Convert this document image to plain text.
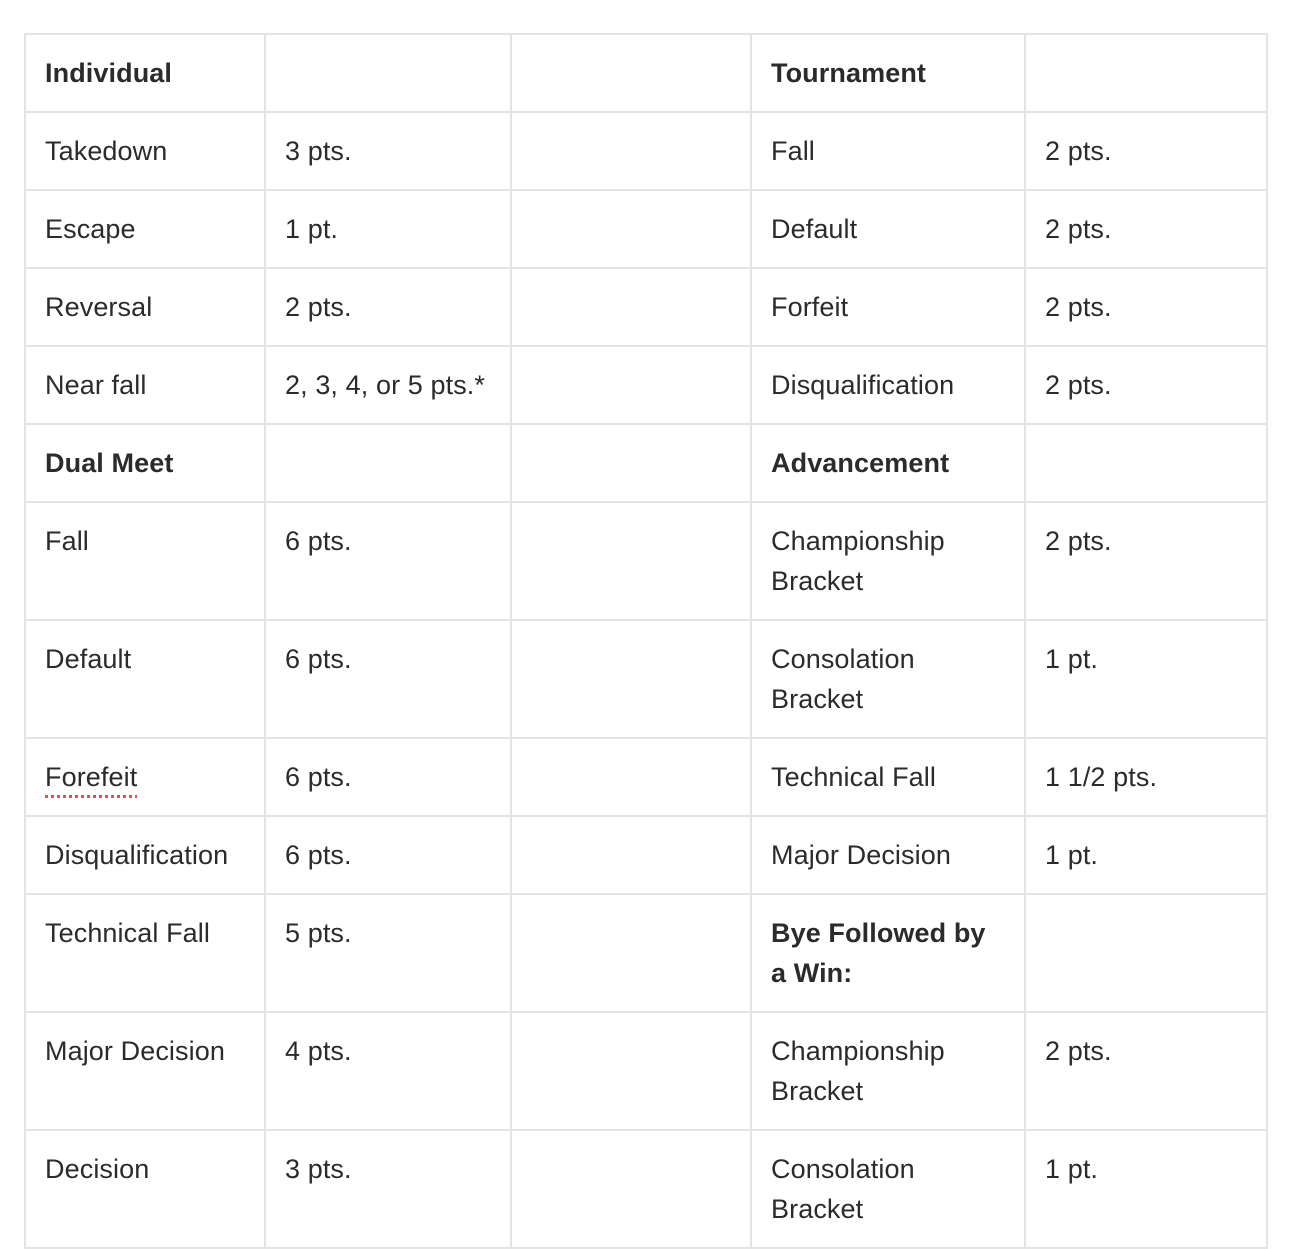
Individual			Tournament	
Takedown	3 pts.		Fall	2 pts.
Escape	1 pt.		Default	2 pts.
Reversal	2 pts.		Forfeit	2 pts.
Near fall	2, 3, 4, or 5 pts.*		Disqualification	2 pts.
Dual Meet			Advancement	
Fall	6 pts.		Championship Bracket	2 pts.
Default	6 pts.		Consolation Bracket	1 pt.
Forefeit	6 pts.		Technical Fall	1 1/2 pts.
Disqualification	6 pts.		Major Decision	1 pt.
Technical Fall	5 pts.		Bye Followed by a Win:	
Major Decision	4 pts.		Championship Bracket	2 pts.
Decision	3 pts.		Consolation Bracket	1 pt.
